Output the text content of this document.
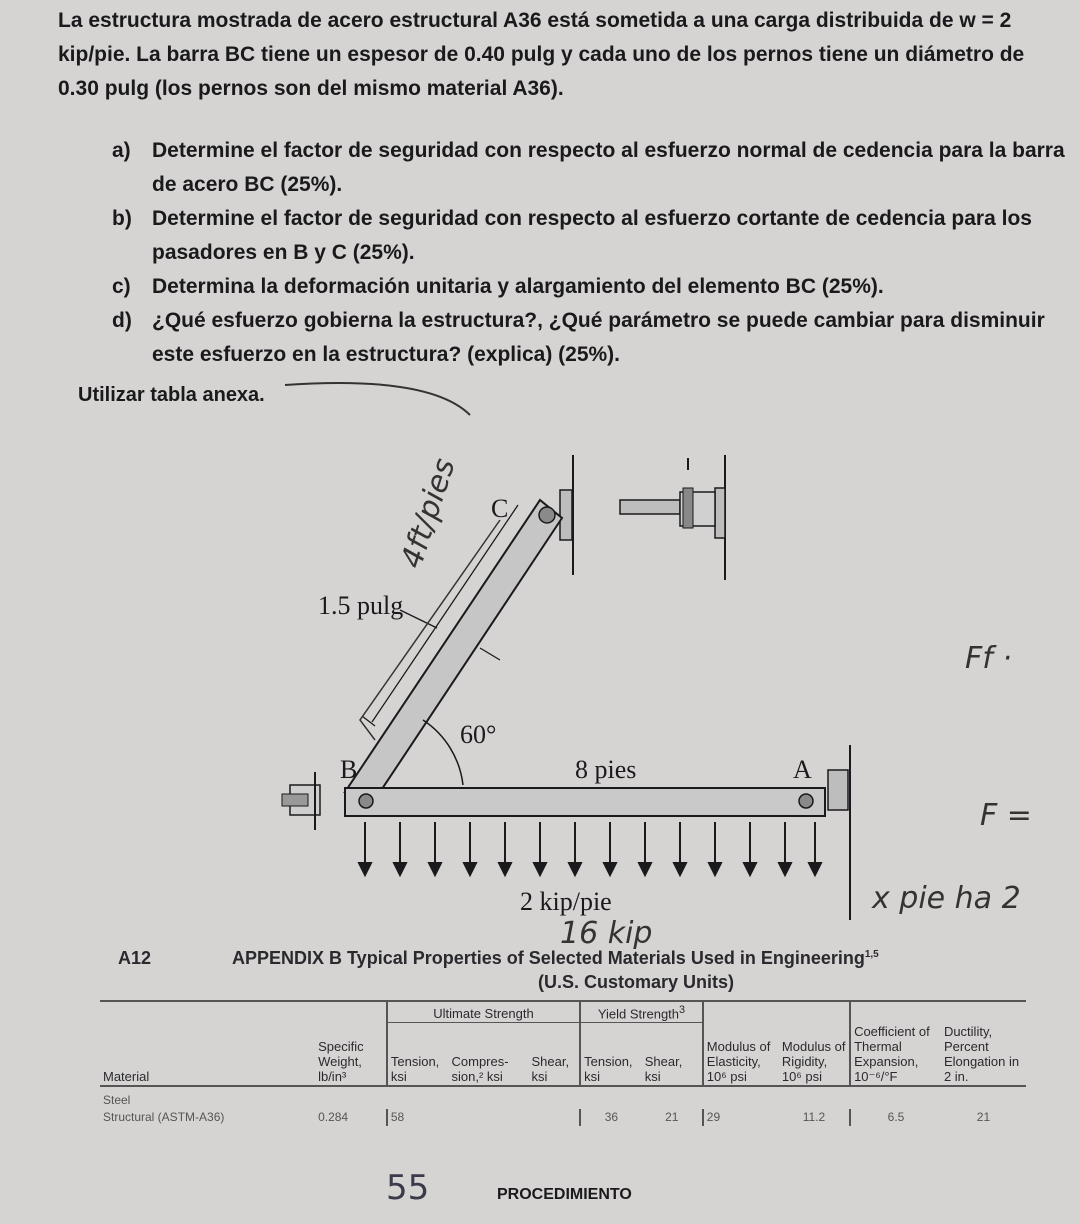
La estructura mostrada de acero estructural A36 está sometida a una carga distribuida de w = 2 kip/pie. La barra BC tiene un espesor de 0.40 pulg y cada uno de los pernos tiene un diámetro de 0.30 pulg (los pernos son del mismo material A36).
a) Determine el factor de seguridad con respecto al esfuerzo normal de cedencia para la barra de acero BC (25%).
b) Determine el factor de seguridad con respecto al esfuerzo cortante de cedencia para los pasadores en B y C (25%).
c) Determina la deformación unitaria y alargamiento del elemento BC (25%).
d) ¿Qué esfuerzo gobierna la estructura?, ¿Qué parámetro se puede cambiar para disminuir este esfuerzo en la estructura? (explica) (25%).
Utilizar tabla anexa.
1.5 pulg
60°
B
C
A
8 pies
2 kip/pie
4ft/pies
16 kip
Ff ·
F =
x pie ha 2
A12	APPENDIX B Typical Properties of Selected Materials Used in Engineering$^{1,5}$
(U.S. Customary Units)
		Ultimate Strength			Yield Strength$^3$				
Material	Specific Weight, lb/in³	Tension, ksi	Compres- sion,² ksi	Shear, ksi	Tension, ksi	Shear, ksi	Modulus of Elasticity, 10⁶ psi	Modulus of Rigidity, 10⁶ psi	Coefficient of Thermal Expansion, 10⁻⁶/°F	Ductility, Percent Elongation in 2 in.
Steel										
Structural (ASTM-A36)	0.284	58			36	21	29	11.2	6.5	21
55	PROCEDIMIENTO
